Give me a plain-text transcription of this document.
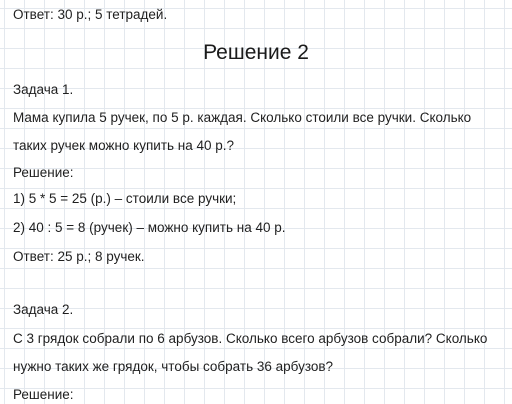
Ответ: 30 р.; 5 тетрадей.
Решение 2
Задача 1.
Мама купила 5 ручек, по 5 р. каждая. Сколько стоили все ручки. Сколько
таких ручек можно купить на 40 р.?
Решение:
1) 5 * 5 = 25 (р.) – стоили все ручки;
2) 40 : 5 = 8 (ручек) – можно купить на 40 р.
Ответ: 25 р.; 8 ручек.
Задача 2.
С 3 грядок собрали по 6 арбузов. Сколько всего арбузов собрали? Сколько
нужно таких же грядок, чтобы собрать 36 арбузов?
Решение:
